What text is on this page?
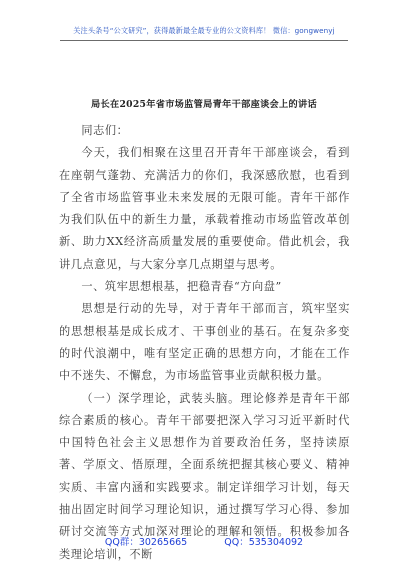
关注头条号“公文研究”，获得最新最全最专业的公文资料库！ 微信：gongwenyj
局长在2025年省市场监管局青年干部座谈会上的讲话

同志们：

今天，我们相聚在这里召开青年干部座谈会，看到在座朝气蓬勃、充满活力的你们，我深感欣慰，也看到了全省市场监管事业未来发展的无限可能。青年干部作为我们队伍中的新生力量，承载着推动市场监管改革创新、助力XX经济高质量发展的重要使命。借此机会，我讲几点意见，与大家分享几点期望与思考。

一、筑牢思想根基，把稳青春“方向盘”

思想是行动的先导，对于青年干部而言，筑牢坚实的思想根基是成长成才、干事创业的基石。在复杂多变的时代浪潮中，唯有坚定正确的思想方向，才能在工作中不迷失、不懈怠，为市场监管事业贡献积极力量。

（一）深学理论，武装头脑。理论修养是青年干部综合素质的核心。青年干部要把深入学习习近平新时代中国特色社会主义思想作为首要政治任务，坚持读原著、学原文、悟原理，全面系统把握其核心要义、精神实质、丰富内涵和实践要求。制定详细学习计划，每天抽出固定时间学习理论知识，通过撰写学习心得、参加研讨交流等方式加深对理论的理解和领悟。积极参加各类理论培训，不断

QQ群：30265665	QQ：535304092
